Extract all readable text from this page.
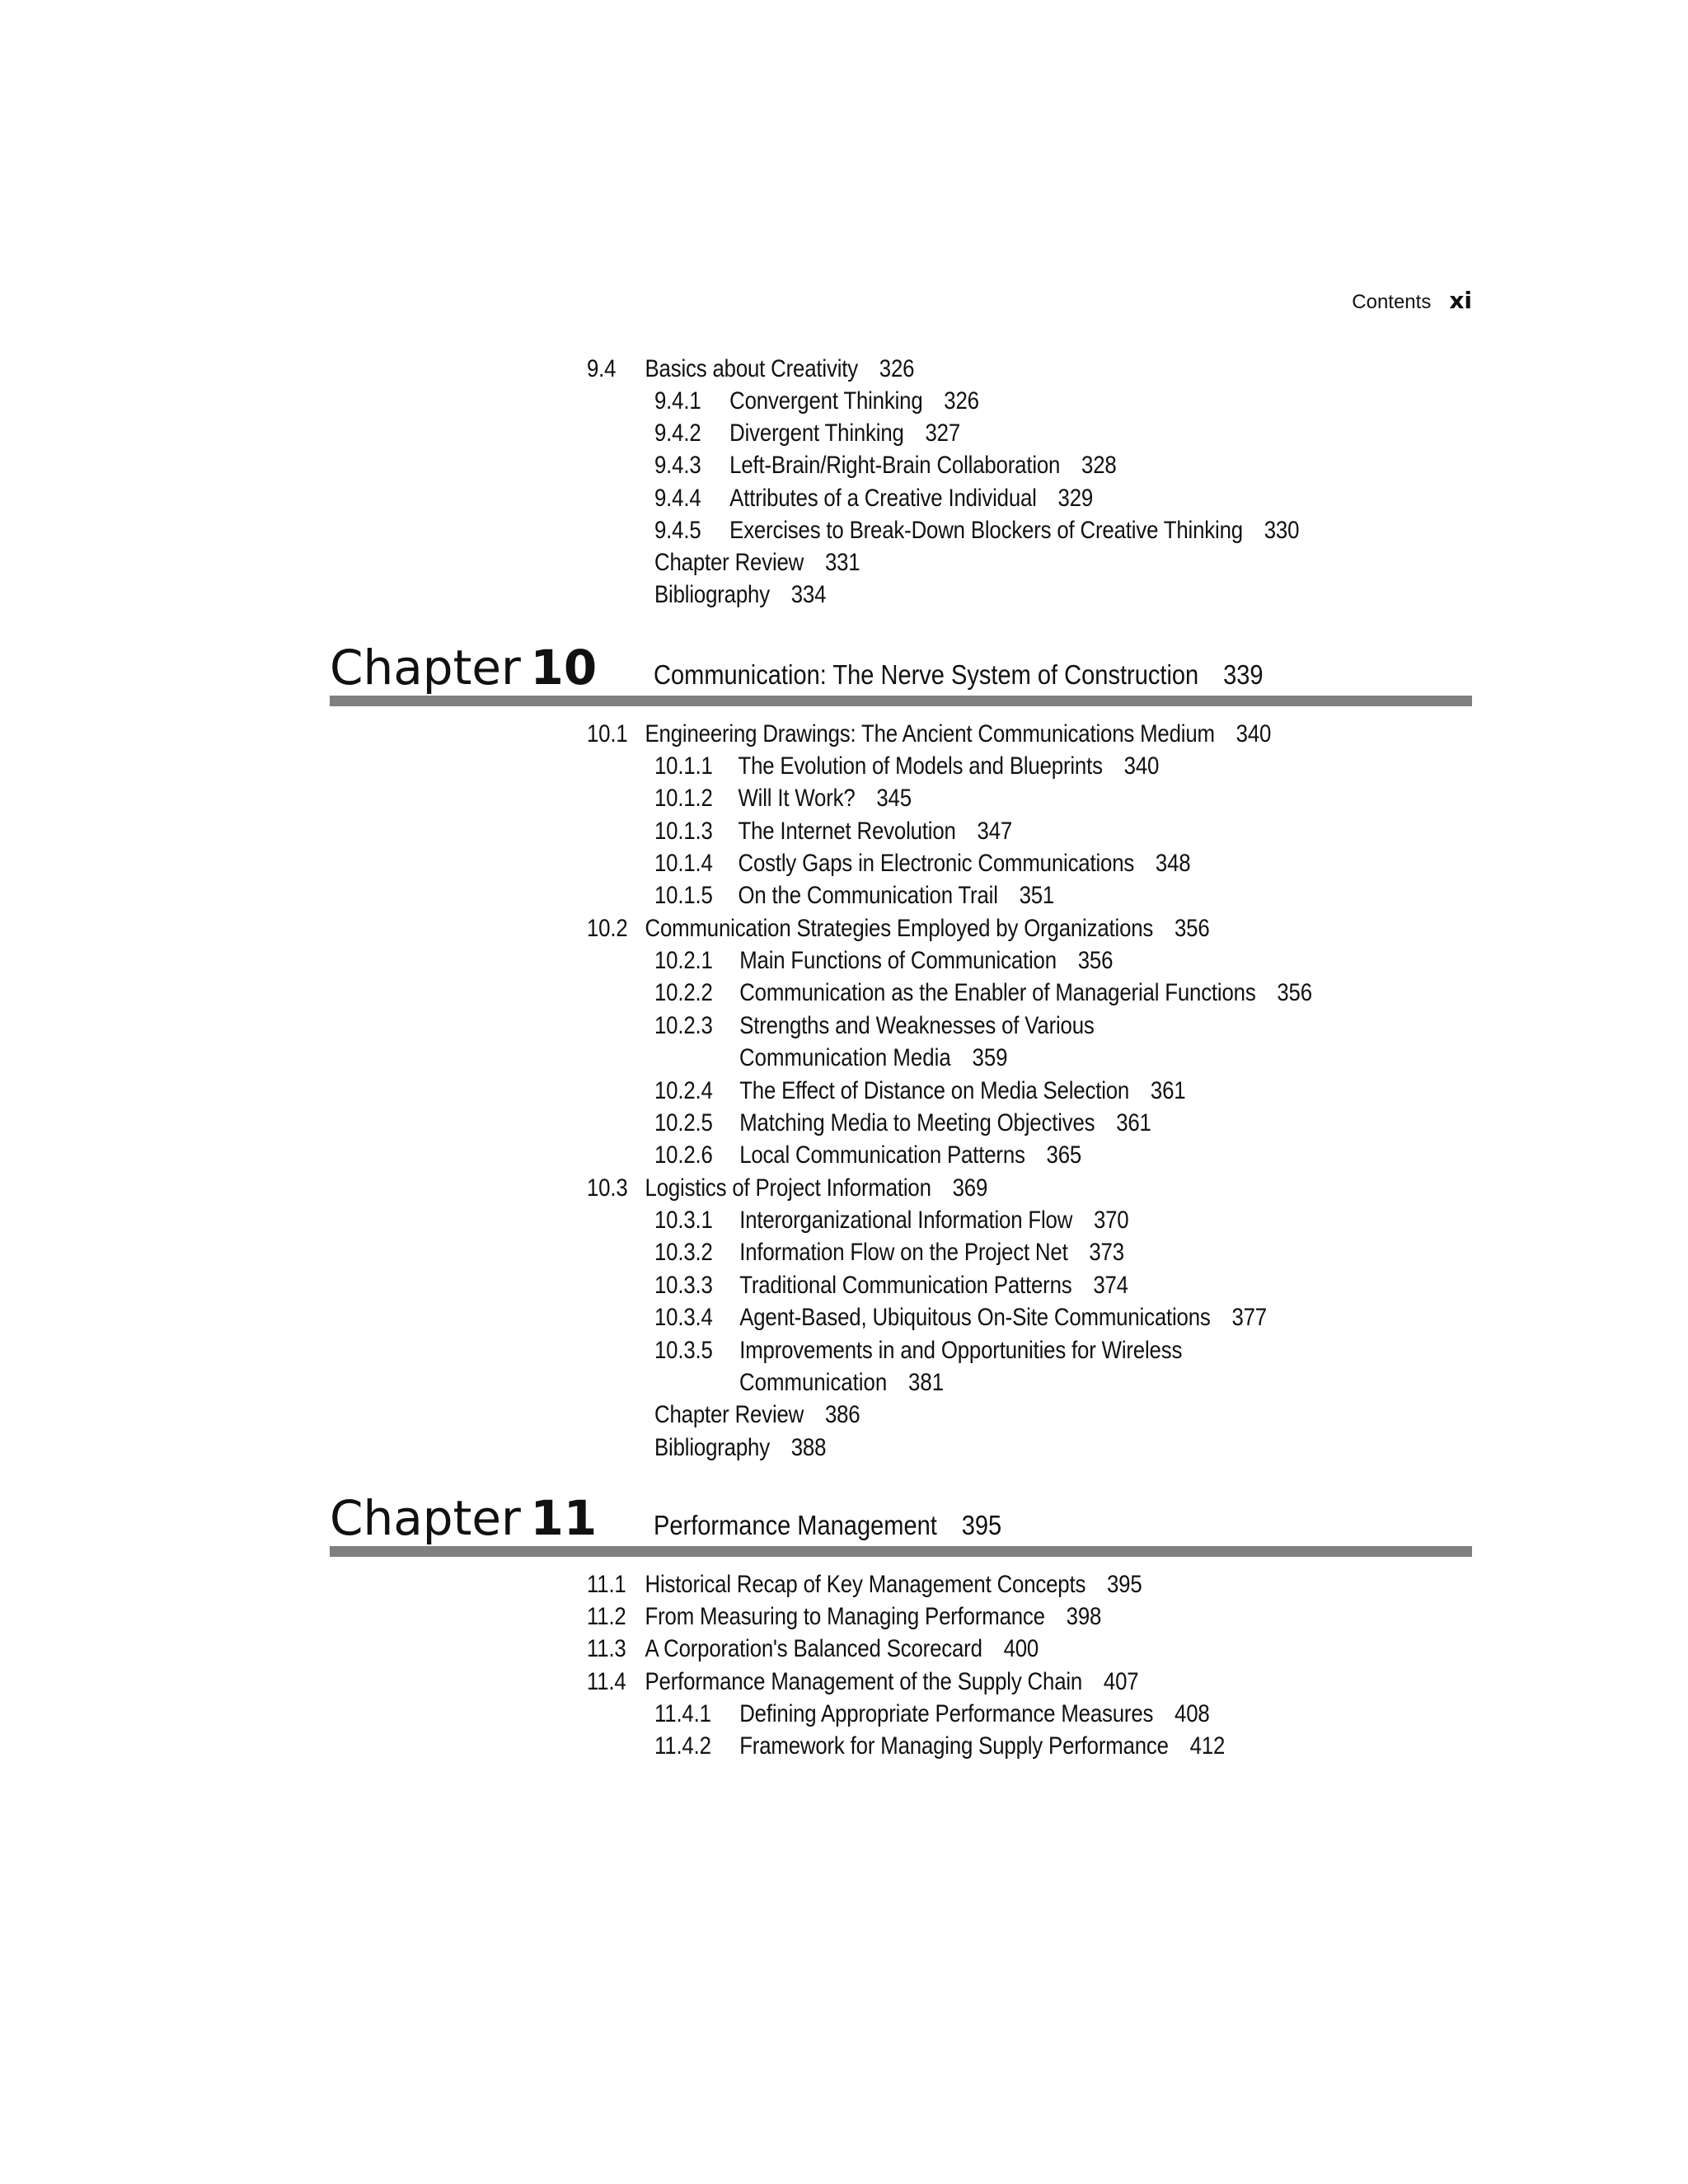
Contents xi
9.4 Basics about Creativity 326
9.4.1 Convergent Thinking 326
9.4.2 Divergent Thinking 327
9.4.3 Left-Brain/Right-Brain Collaboration 328
9.4.4 Attributes of a Creative Individual 329
9.4.5 Exercises to Break-Down Blockers of Creative Thinking 330
Chapter Review 331
Bibliography 334
Chapter  10 Communication: The Nerve System of Construction 339
10.1 Engineering Drawings: The Ancient Communications Medium 340
10.1.1 The Evolution of Models and Blueprints 340
10.1.2 Will It Work? 345
10.1.3 The Internet Revolution 347
10.1.4 Costly Gaps in Electronic Communications 348
10.1.5 On the Communication Trail 351
10.2 Communication Strategies Employed by Organizations 356
10.2.1 Main Functions of Communication 356
10.2.2 Communication as the Enabler of Managerial Functions 356
10.2.3 Strengths and Weaknesses of Various
Communication Media 359
10.2.4 The Effect of Distance on Media Selection 361
10.2.5 Matching Media to Meeting Objectives 361
10.2.6 Local Communication Patterns 365
10.3 Logistics of Project Information 369
10.3.1 Interorganizational Information Flow 370
10.3.2 Information Flow on the Project Net 373
10.3.3 Traditional Communication Patterns 374
10.3.4 Agent-Based, Ubiquitous On-Site Communications 377
10.3.5 Improvements in and Opportunities for Wireless
Communication 381
Chapter Review 386
Bibliography 388
Chapter  11 Performance Management 395
11.1 Historical Recap of Key Management Concepts 395
11.2 From Measuring to Managing Performance 398
11.3 A Corporation's Balanced Scorecard 400
11.4 Performance Management of the Supply Chain 407
11.4.1 Defining Appropriate Performance Measures 408
11.4.2 Framework for Managing Supply Performance 412
